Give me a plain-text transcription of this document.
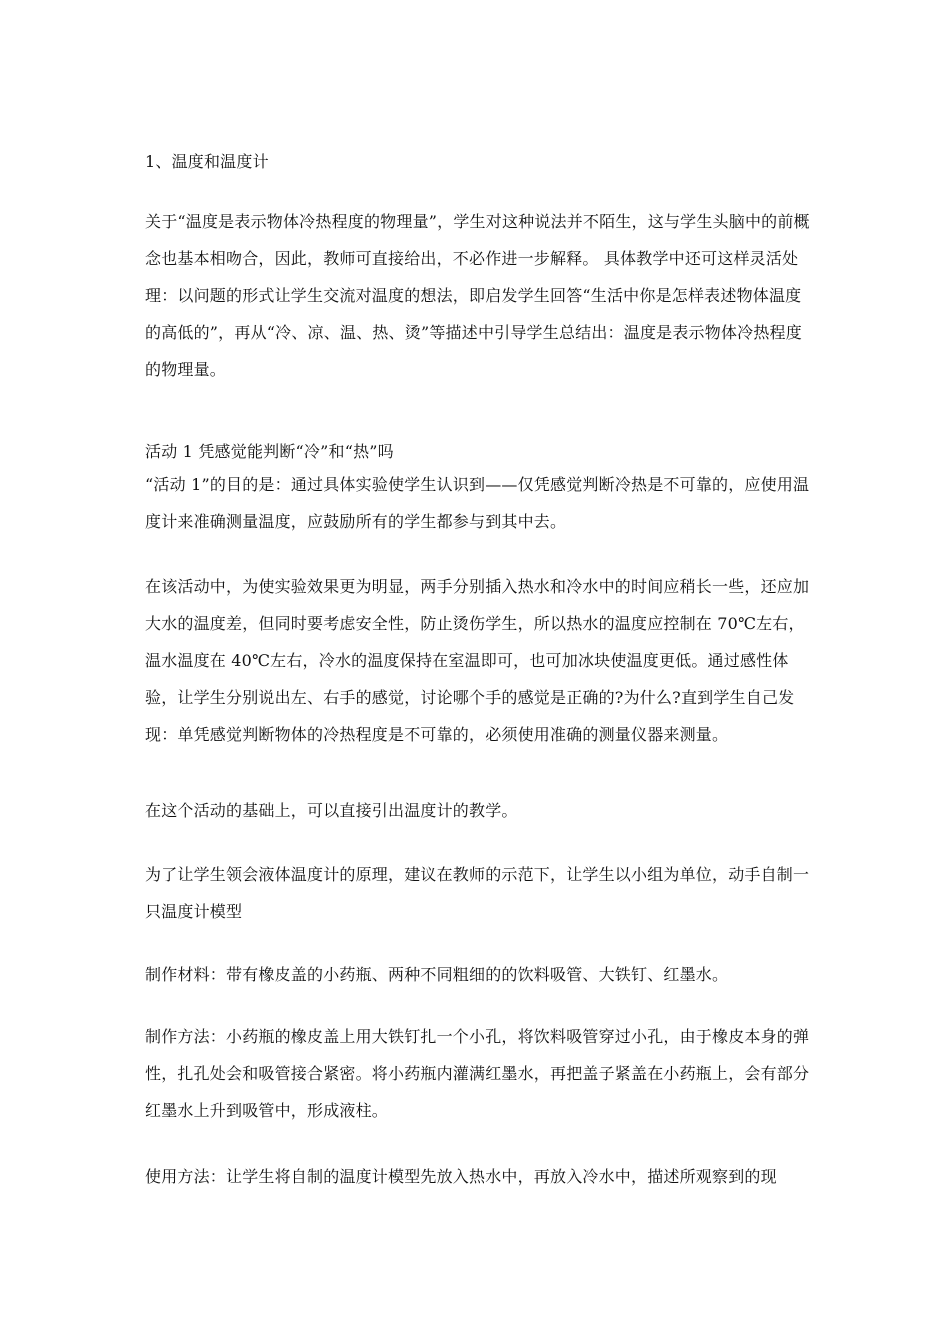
1、温度和温度计
关于“温度是表示物体冷热程度的物理量”，学生对这种说法并不陌生，这与学生头脑中的前概念也基本相吻合，因此，教师可直接给出，不必作进一步解释。 具体教学中还可这样灵活处理：以问题的形式让学生交流对温度的想法，即启发学生回答“生活中你是怎样表述物体温度的高低的”，再从“冷、凉、温、热、烫”等描述中引导学生总结出：温度是表示物体冷热程度的物理量。
活动 1 凭感觉能判断“冷”和“热”吗
“活动 1”的目的是：通过具体实验使学生认识到——仅凭感觉判断冷热是不可靠的，应使用温度计来准确测量温度，应鼓励所有的学生都参与到其中去。
在该活动中，为使实验效果更为明显，两手分别插入热水和冷水中的时间应稍长一些，还应加大水的温度差，但同时要考虑安全性，防止烫伤学生，所以热水的温度应控制在 70℃左右，温水温度在 40℃左右，冷水的温度保持在室温即可，也可加冰块使温度更低。通过感性体验，让学生分别说出左、右手的感觉，讨论哪个手的感觉是正确的?为什么?直到学生自己发现：单凭感觉判断物体的冷热程度是不可靠的，必须使用准确的测量仪器来测量。
在这个活动的基础上，可以直接引出温度计的教学。
为了让学生领会液体温度计的原理，建议在教师的示范下，让学生以小组为单位，动手自制一只温度计模型
制作材料：带有橡皮盖的小药瓶、两种不同粗细的的饮料吸管、大铁钉、红墨水。
制作方法：小药瓶的橡皮盖上用大铁钉扎一个小孔，将饮料吸管穿过小孔，由于橡皮本身的弹性，扎孔处会和吸管接合紧密。将小药瓶内灌满红墨水，再把盖子紧盖在小药瓶上，会有部分红墨水上升到吸管中，形成液柱。
使用方法：让学生将自制的温度计模型先放入热水中，再放入冷水中，描述所观察到的现
